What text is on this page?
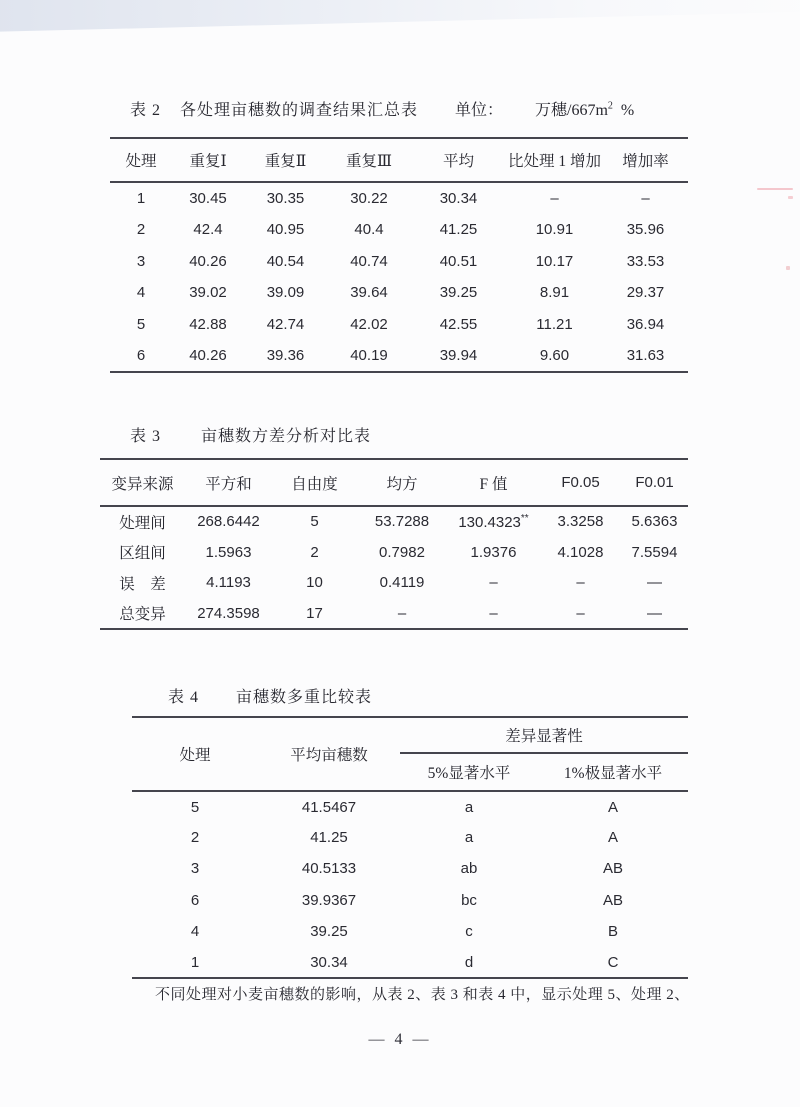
表 2 各处理亩穗数的调查结果汇总表 单位： 万穗$/667m^2$ %
处理	重复Ⅰ	重复Ⅱ	重复Ⅲ	平均	比处理 1 增加	增加率
1	30.45	30.35	30.22	30.34	–	–
2	42.4	40.95	40.4	41.25	10.91	35.96
3	40.26	40.54	40.74	40.51	10.17	33.53
4	39.02	39.09	39.64	39.25	8.91	29.37
5	42.88	42.74	42.02	42.55	11.21	36.94
6	40.26	39.36	40.19	39.94	9.60	31.63
表 3 亩穗数方差分析对比表
变异来源	平方和	自由度	均方	F 值	F0.05	F0.01
处理间	268.6442	5	53.7288	130.4323**	3.3258	5.6363
区组间	1.5963	2	0.7982	1.9376	4.1028	7.5594
误　差	4.1193	10	0.4119	–	–	—
总变异	274.3598	17	–	–	–	—
表 4 亩穗数多重比较表
处理	平均亩穗数	差异显著性	
		5%显著水平	1%极显著水平
5	41.5467	a	A
2	41.25	a	A
3	40.5133	ab	AB
6	39.9367	bc	AB
4	39.25	c	B
1	30.34	d	C
不同处理对小麦亩穗数的影响，从表 2、表 3 和表 4 中，显示处理 5、处理 2、
— 4 —
